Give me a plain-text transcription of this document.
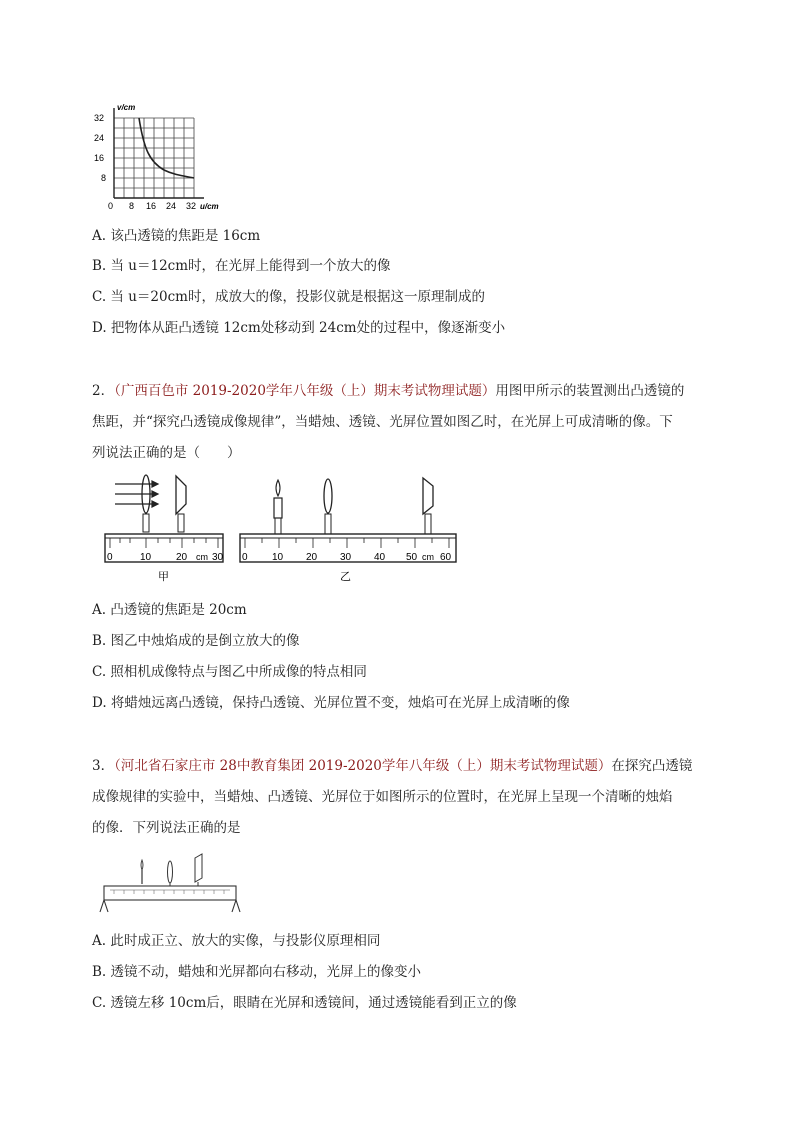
v/cm
32
24
16
8
0 8 16 24 32 u/cm
A. 该凸透镜的焦距是 16cm
B. 当 u＝12cm时，在光屏上能得到一个放大的像
C. 当 u＝20cm时，成放大的像，投影仪就是根据这一原理制成的
D. 把物体从距凸透镜 12cm处移动到 24cm处的过程中，像逐渐变小
2．（广西百色市 2019-2020学年八年级（上）期末考试物理试题）用图甲所示的装置测出凸透镜的
焦距，并“探究凸透镜成像规律”，当蜡烛、透镜、光屏位置如图乙时，在光屏上可成清晰的像。下
列说法正确的是（　　）
0	10 20 cm 30
甲
0 10 20 30 40 50 cm 60
乙
A. 凸透镜的焦距是 20cm
B. 图乙中烛焰成的是倒立放大的像
C. 照相机成像特点与图乙中所成像的特点相同
D. 将蜡烛远离凸透镜，保持凸透镜、光屏位置不变，烛焰可在光屏上成清晰的像
3．（河北省石家庄市 28中教育集团 2019-2020学年八年级（上）期末考试物理试题）在探究凸透镜
成像规律的实验中，当蜡烛、凸透镜、光屏位于如图所示的位置时，在光屏上呈现一个清晰的烛焰
的像．下列说法正确的是
A. 此时成正立、放大的实像，与投影仪原理相同
B. 透镜不动，蜡烛和光屏都向右移动，光屏上的像变小
C. 透镜左移 10cm后，眼睛在光屏和透镜间，通过透镜能看到正立的像
